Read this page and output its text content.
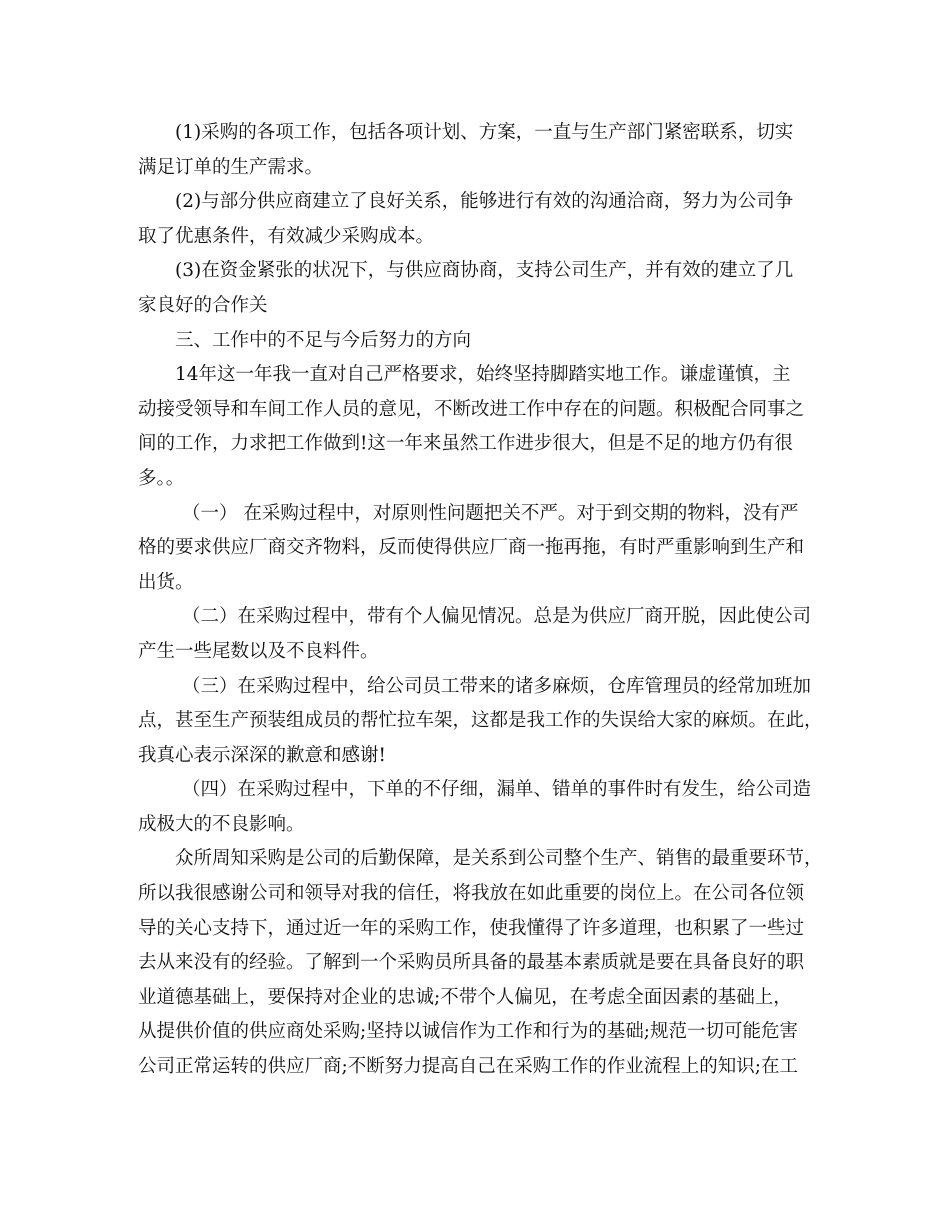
(1)采购的各项工作，包括各项计划、方案，一直与生产部门紧密联系，切实
满足订单的生产需求。
(2)与部分供应商建立了良好关系，能够进行有效的沟通洽商，努力为公司争
取了优惠条件，有效减少采购成本。
(3)在资金紧张的状况下，与供应商协商，支持公司生产，并有效的建立了几
家良好的合作关
三、工作中的不足与今后努力的方向
14年这一年我一直对自己严格要求，始终坚持脚踏实地工作。谦虚谨慎，主
动接受领导和车间工作人员的意见，不断改进工作中存在的问题。积极配合同事之
间的工作，力求把工作做到!这一年来虽然工作进步很大，但是不足的地方仍有很
多。。
（一） 在采购过程中，对原则性问题把关不严。对于到交期的物料，没有严
格的要求供应厂商交齐物料，反而使得供应厂商一拖再拖，有时严重影响到生产和
出货。
（二）在采购过程中，带有个人偏见情况。总是为供应厂商开脱，因此使公司
产生一些尾数以及不良料件。
（三）在采购过程中，给公司员工带来的诸多麻烦，仓库管理员的经常加班加
点，甚至生产预装组成员的帮忙拉车架，这都是我工作的失误给大家的麻烦。在此，
我真心表示深深的歉意和感谢!
（四）在采购过程中，下单的不仔细，漏单、错单的事件时有发生，给公司造
成极大的不良影响。
众所周知采购是公司的后勤保障，是关系到公司整个生产、销售的最重要环节，
所以我很感谢公司和领导对我的信任，将我放在如此重要的岗位上。在公司各位领
导的关心支持下，通过近一年的采购工作，使我懂得了许多道理，也积累了一些过
去从来没有的经验。了解到一个采购员所具备的最基本素质就是要在具备良好的职
业道德基础上，要保持对企业的忠诚;不带个人偏见，在考虑全面因素的基础上，
从提供价值的供应商处采购;坚持以诚信作为工作和行为的基础;规范一切可能危害
公司正常运转的供应厂商;不断努力提高自己在采购工作的作业流程上的知识;在工
